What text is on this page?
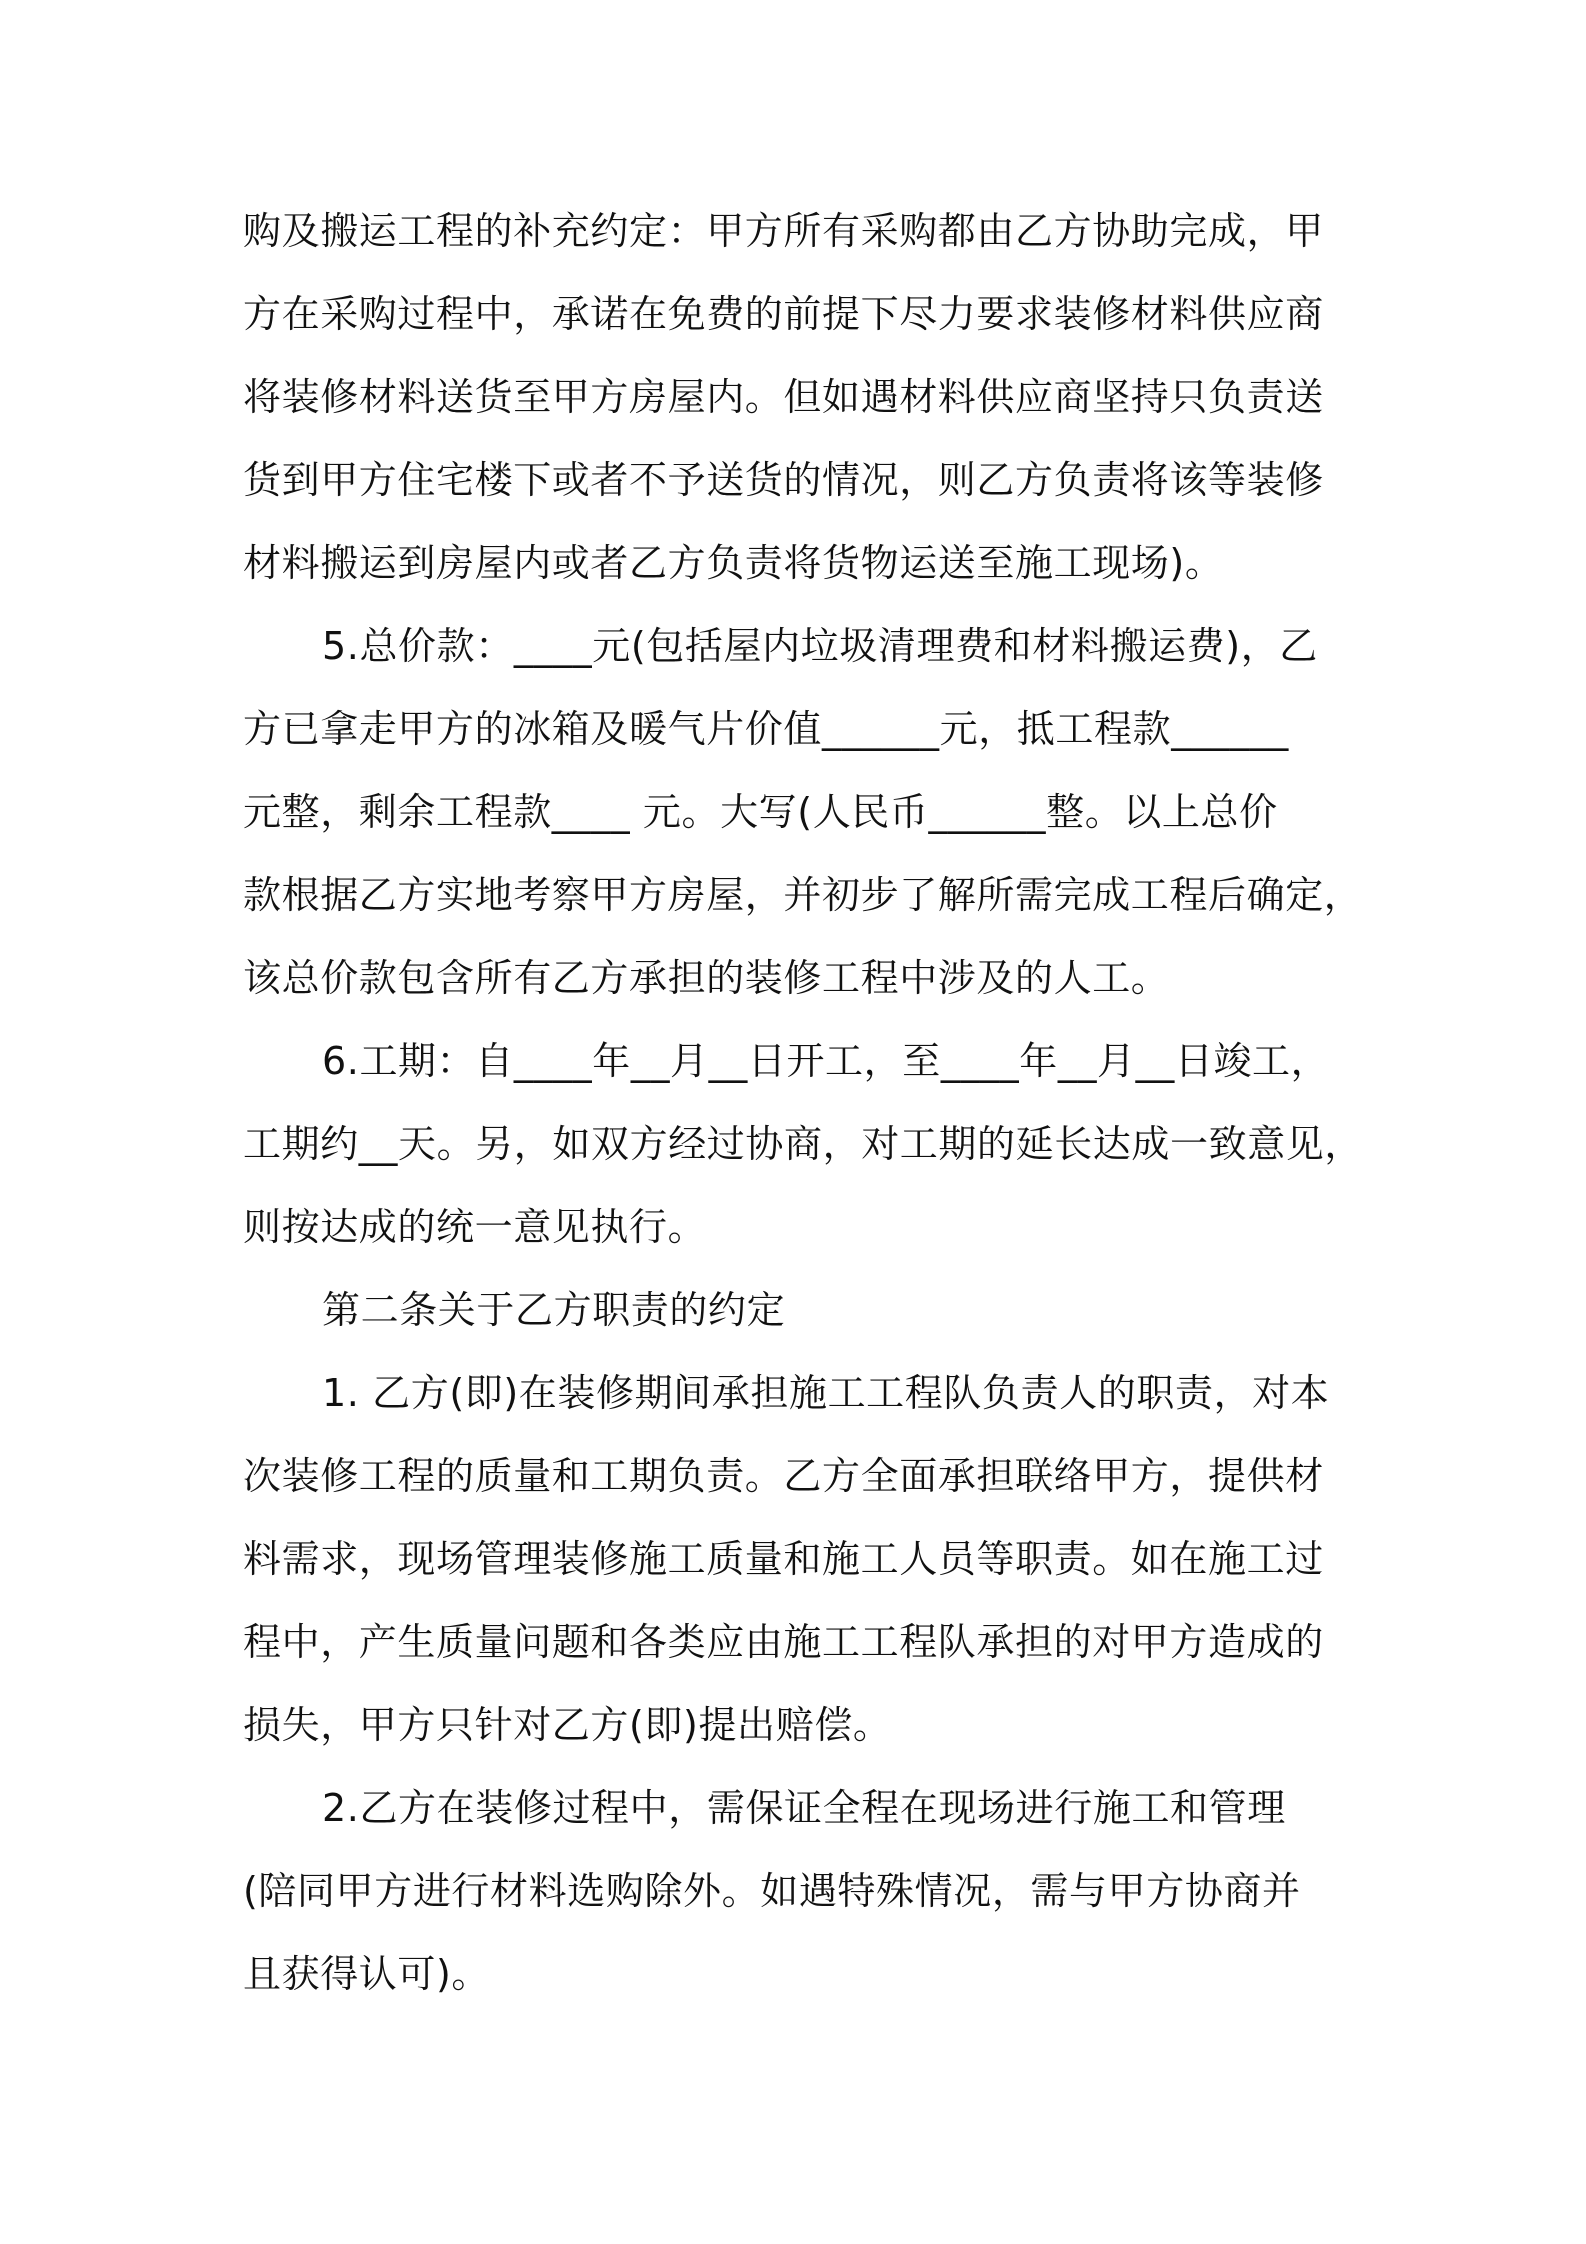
购及搬运工程的补充约定：甲方所有采购都由乙方协助完成，甲
方在采购过程中，承诺在免费的前提下尽力要求装修材料供应商
将装修材料送货至甲方房屋内。但如遇材料供应商坚持只负责送
货到甲方住宅楼下或者不予送货的情况，则乙方负责将该等装修
材料搬运到房屋内或者乙方负责将货物运送至施工现场)。
5.总价款：____元(包括屋内垃圾清理费和材料搬运费)，乙
方已拿走甲方的冰箱及暖气片价值______元，抵工程款______
元整，剩余工程款____ 元。大写(人民币______整。以上总价
款根据乙方实地考察甲方房屋，并初步了解所需完成工程后确定，
该总价款包含所有乙方承担的装修工程中涉及的人工。
6.工期：自____年__月__日开工，至____年__月__日竣工，
工期约__天。另，如双方经过协商，对工期的延长达成一致意见，
则按达成的统一意见执行。
第二条关于乙方职责的约定
1. 乙方(即)在装修期间承担施工工程队负责人的职责，对本
次装修工程的质量和工期负责。乙方全面承担联络甲方，提供材
料需求，现场管理装修施工质量和施工人员等职责。如在施工过
程中，产生质量问题和各类应由施工工程队承担的对甲方造成的
损失，甲方只针对乙方(即)提出赔偿。
2.乙方在装修过程中，需保证全程在现场进行施工和管理
(陪同甲方进行材料选购除外。如遇特殊情况，需与甲方协商并
且获得认可)。
